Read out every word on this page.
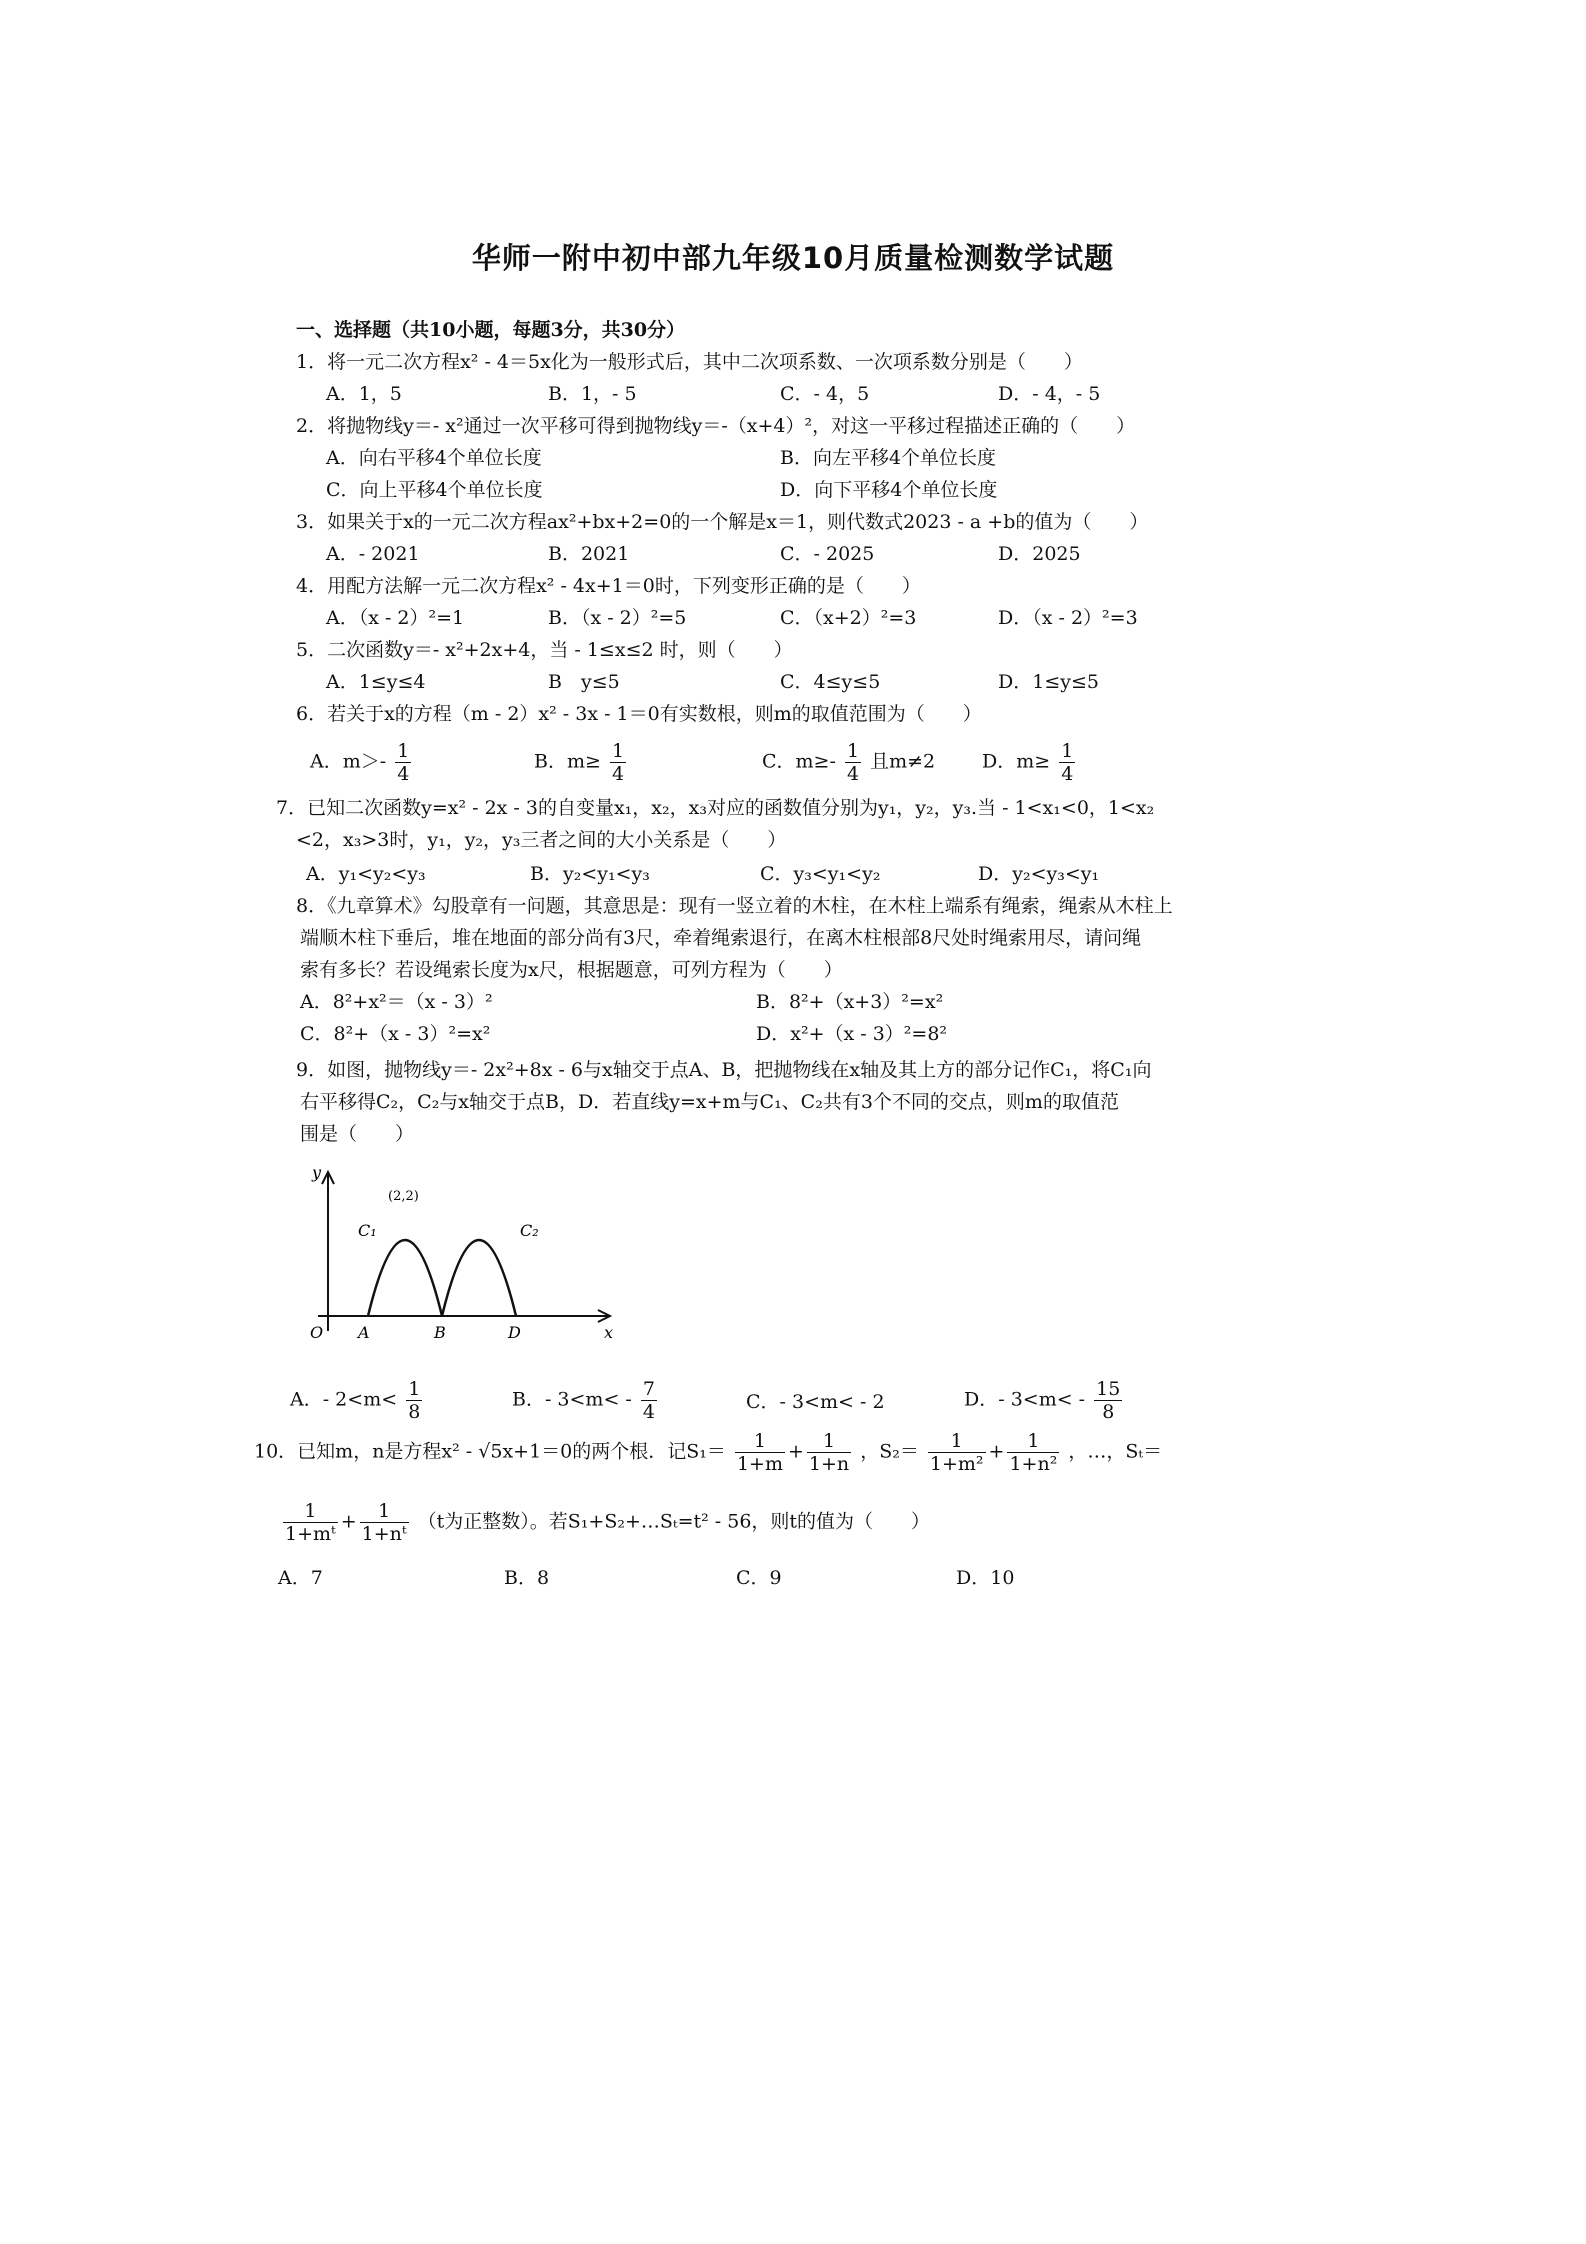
华师一附中初中部九年级10月质量检测数学试题
一、选择题（共10小题，每题3分，共30分）
1．将一元二次方程x² - 4＝5x化为一般形式后，其中二次项系数、一次项系数分别是（　　）
A．1，5	B．1，- 5	C．- 4，5	D．- 4，- 5
2．将抛物线y＝- x²通过一次平移可得到抛物线y＝-（x+4）²，对这一平移过程描述正确的（　　）
A．向右平移4个单位长度	B．向左平移4个单位长度
C．向上平移4个单位长度	D．向下平移4个单位长度
3．如果关于x的一元二次方程ax²+bx+2=0的一个解是x＝1，则代数式2023 - a +b的值为（　　）
A．- 2021	B．2021	C．- 2025	D．2025
4．用配方法解一元二次方程x² - 4x+1＝0时，下列变形正确的是（　　）
A．（x - 2）²=1	B．（x - 2）²=5	C．（x+2）²=3	D．（x - 2）²=3
5．二次函数y＝- x²+2x+4，当 - 1≤x≤2 时，则（　　）
A．1≤y≤4	B　y≤5	C．4≤y≤5	D．1≤y≤5
6．若关于x的方程（m - 2）x² - 3x - 1＝0有实数根，则m的取值范围为（　　）
A．$m>- \frac{1}{4}$	B．$m\ge \frac{1}{4}$	C．$m\ge- \frac{1}{4}$ 且m≠2 D．$m\ge \frac{1}{4}$
7．已知二次函数y=x² - 2x - 3的自变量x₁，x₂，x₃对应的函数值分别为y₁，y₂，y₃.当 - 1<x₁<0，1<x₂
<2，x₃>3时，y₁，y₂，y₃三者之间的大小关系是（　　）
A．y₁<y₂<y₃	B．y₂<y₁<y₃	C．y₃<y₁<y₂	D．y₂<y₃<y₁
8．《九章算术》勾股章有一问题，其意思是：现有一竖立着的木柱，在木柱上端系有绳索，绳索从木柱上
端顺木柱下垂后，堆在地面的部分尚有3尺，牵着绳索退行，在离木柱根部8尺处时绳索用尽，请问绳
索有多长？若设绳索长度为x尺，根据题意，可列方程为（　　）
A．8²+x²＝（x - 3）²	B．8²+（x+3）²=x²
C．8²+（x - 3）²=x²	D．x²+（x - 3）²=8²
9．如图，抛物线y＝- 2x²+8x - 6与x轴交于点A、B，把抛物线在x轴及其上方的部分记作C₁，将C₁向
右平移得C₂，C₂与x轴交于点B，D．若直线y=x+m与C₁、C₂共有3个不同的交点，则m的取值范
围是（　　）
y
x
O A	B	D
C₁	C₂
(2,2)
A．- $2<m< \frac{1}{8}$	B．- $3<m< - \frac{7}{4}$	C．- 3<m< - 2	D．- $3<m< - \frac{15}{8}$
10．已知m，n是方程x² - √5x+1＝0的两个根．记$S_1= \frac{1}{1+m} + \frac{1}{1+n}$ ，$S_2= \frac{1}{\text{1+m²}} + \frac{1}{\text{1+n²}}$ ，…，Sₜ＝
$\frac{1}{\text{1+mᵗ}} + \frac{1}{\text{1+nᵗ}} (t$为正整数）。若S₁+S₂+…Sₜ=t² - 56，则t的值为（　　）
A．7	B．8	C．9	D．10
